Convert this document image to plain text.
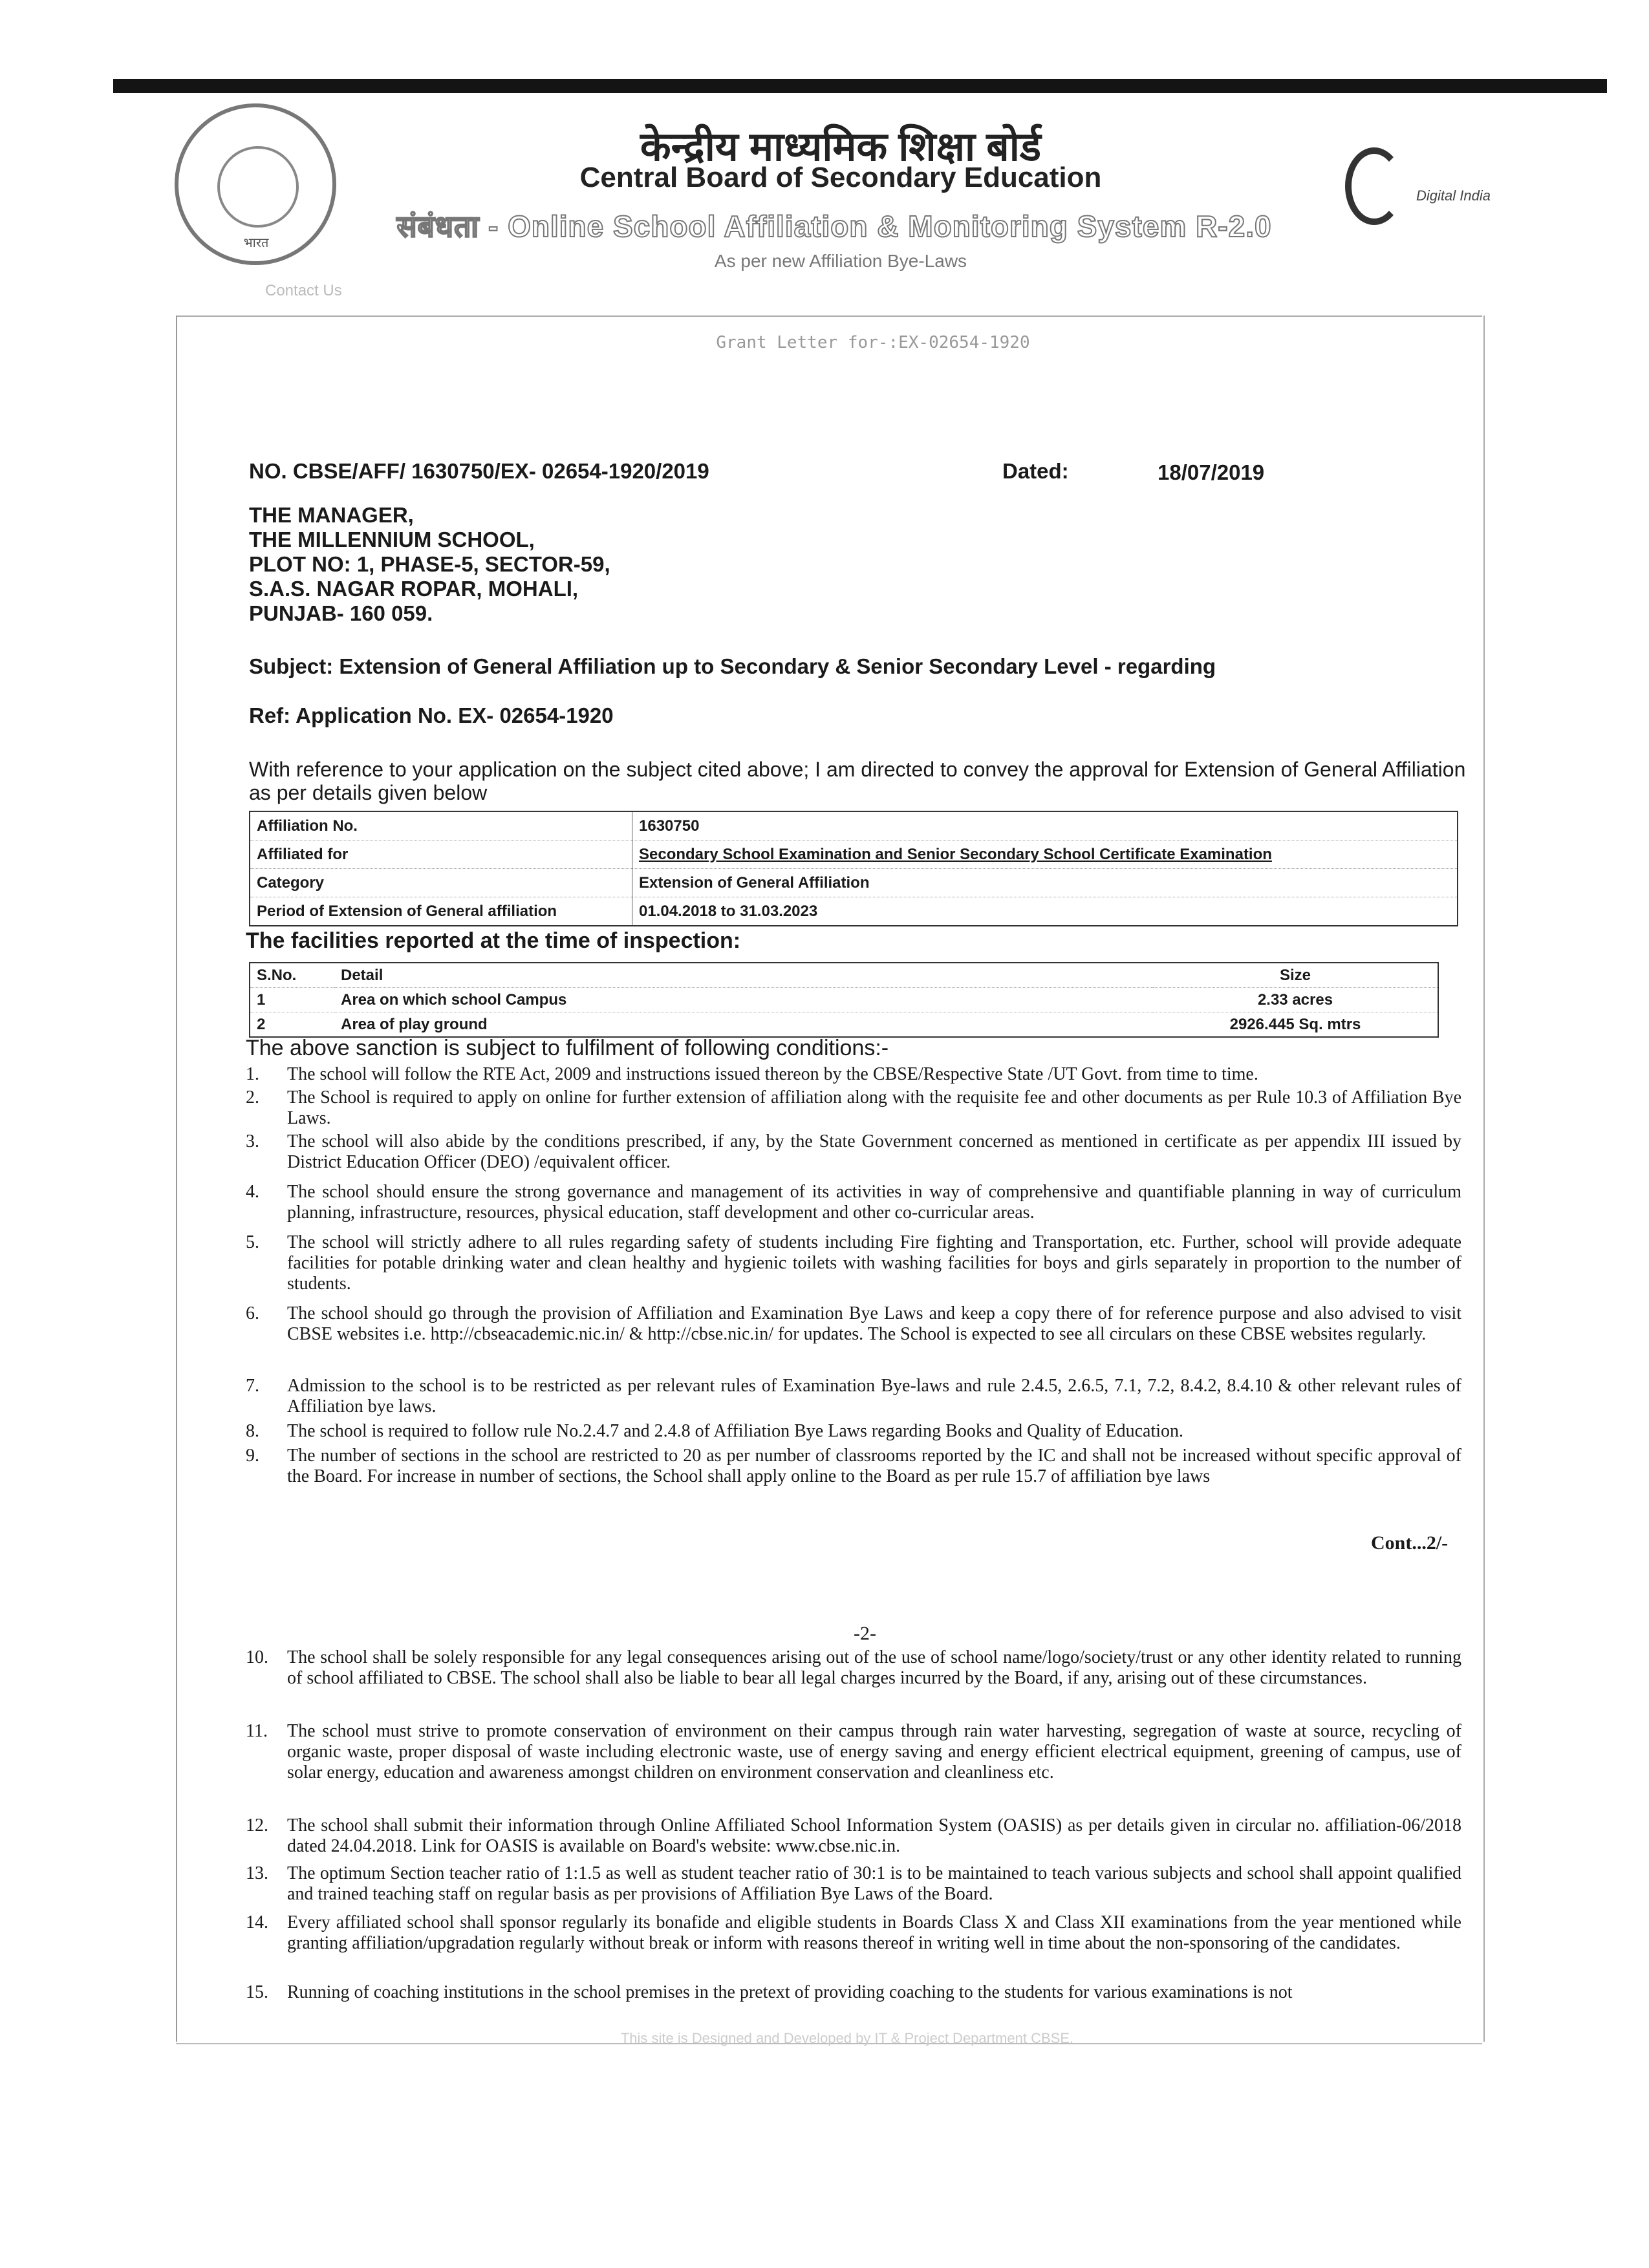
भारत
केन्द्रीय माध्यमिक शिक्षा बोर्ड
Central Board of Secondary Education
संबंधता - Online School Affiliation & Monitoring System R-2.0
As per new Affiliation Bye-Laws
Contact Us
Digital India
Grant Letter for-:EX-02654-1920
NO. CBSE/AFF/ 1630750/EX- 02654-1920/2019	Dated:	18/07/2019
THE MANAGER,
THE MILLENNIUM SCHOOL,
PLOT NO: 1, PHASE-5, SECTOR-59,
S.A.S. NAGAR ROPAR, MOHALI,
PUNJAB- 160 059.
Subject: Extension of General Affiliation up to Secondary & Senior Secondary Level - regarding
Ref: Application No. EX- 02654-1920
With reference to your application on the subject cited above; I am directed to convey the approval for Extension of General Affiliation as per details given below
Affiliation No.	1630750
Affiliated for	Secondary School Examination and Senior Secondary School Certificate Examination
Category	Extension of General Affiliation
Period of Extension of General affiliation	01.04.2018 to 31.03.2023
The facilities reported at the time of inspection:
S.No.	Detail	Size
1	Area on which school Campus	2.33 acres
2	Area of play ground	2926.445 Sq. mtrs
The above sanction is subject to fulfilment of following conditions:-
1.	The school will follow the RTE Act, 2009 and instructions issued thereon by the CBSE/Respective State /UT Govt. from time to time.
2.	The School is required to apply on online for further extension of affiliation along with the requisite fee and other documents as per Rule 10.3 of Affiliation Bye Laws.
3.	The school will also abide by the conditions prescribed, if any, by the State Government concerned as mentioned in certificate as per appendix III issued by District Education Officer (DEO) /equivalent officer.
4.	The school should ensure the strong governance and management of its activities in way of comprehensive and quantifiable planning in way of curriculum planning, infrastructure, resources, physical education, staff development and other co-curricular areas.
5.	The school will strictly adhere to all rules regarding safety of students including Fire fighting and Transportation, etc. Further, school will provide adequate facilities for potable drinking water and clean healthy and hygienic toilets with washing facilities for boys and girls separately in proportion to the number of students.
6.	The school should go through the provision of Affiliation and Examination Bye Laws and keep a copy there of for reference purpose and also advised to visit CBSE websites i.e. http://cbseacademic.nic.in/ & http://cbse.nic.in/ for updates. The School is expected to see all circulars on these CBSE websites regularly.
7.	Admission to the school is to be restricted as per relevant rules of Examination Bye-laws and rule 2.4.5, 2.6.5, 7.1, 7.2, 8.4.2, 8.4.10 & other relevant rules of Affiliation bye laws.
8.	The school is required to follow rule No.2.4.7 and 2.4.8 of Affiliation Bye Laws regarding Books and Quality of Education.
9.	The number of sections in the school are restricted to 20 as per number of classrooms reported by the IC and shall not be increased without specific approval of the Board. For increase in number of sections, the School shall apply online to the Board as per rule 15.7 of affiliation bye laws
Cont...2/-
-2-
10.	The school shall be solely responsible for any legal consequences arising out of the use of school name/logo/society/trust or any other identity related to running of school affiliated to CBSE. The school shall also be liable to bear all legal charges incurred by the Board, if any, arising out of these circumstances.
11.	The school must strive to promote conservation of environment on their campus through rain water harvesting, segregation of waste at source, recycling of organic waste, proper disposal of waste including electronic waste, use of energy saving and energy efficient electrical equipment, greening of campus, use of solar energy, education and awareness amongst children on environment conservation and cleanliness etc.
12.	The school shall submit their information through Online Affiliated School Information System (OASIS) as per details given in circular no. affiliation-06/2018 dated 24.04.2018. Link for OASIS is available on Board's website: www.cbse.nic.in.
13.	The optimum Section teacher ratio of 1:1.5 as well as student teacher ratio of 30:1 is to be maintained to teach various subjects and school shall appoint qualified and trained teaching staff on regular basis as per provisions of Affiliation Bye Laws of the Board.
14.	Every affiliated school shall sponsor regularly its bonafide and eligible students in Boards Class X and Class XII examinations from the year mentioned while granting affiliation/upgradation regularly without break or inform with reasons thereof in writing well in time about the non-sponsoring of the candidates.
15.	Running of coaching institutions in the school premises in the pretext of providing coaching to the students for various examinations is not
This site is Designed and Developed by IT & Project Department CBSE.
